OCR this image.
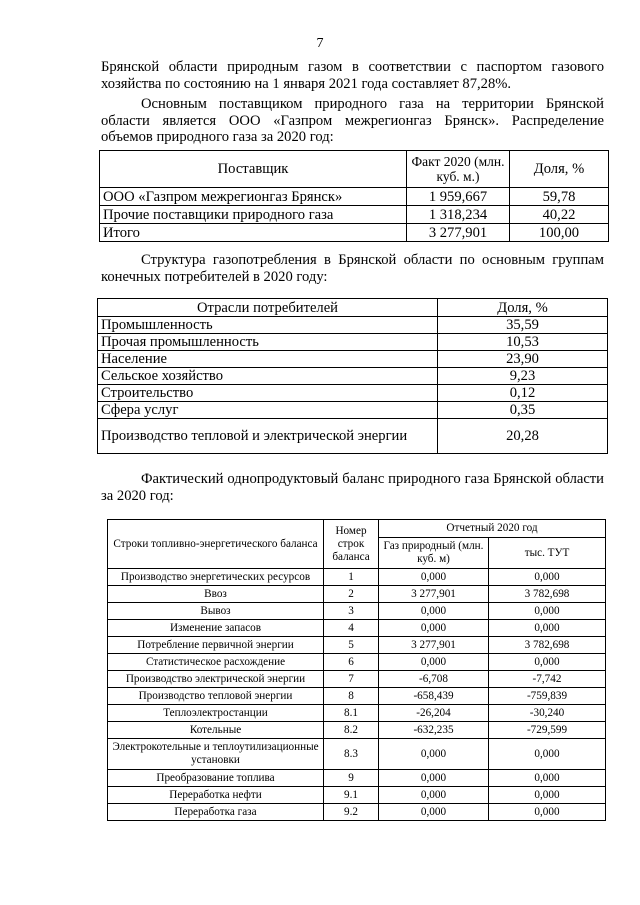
7

Брянской области природным газом в соответствии с паспортом газового хозяйства по состоянию на 1 января 2021 года составляет 87,28%.

Основным поставщиком природного газа на территории Брянской области является ООО «Газпром межрегионгаз Брянск». Распределение объемов природного газа за 2020 год:

Поставщик	Факт 2020 (млн. куб. м.)	Доля, %
ООО «Газпром межрегионгаз Брянск»	1 959,667	59,78
Прочие поставщики природного газа	1 318,234	40,22
Итого	3 277,901	100,00

Структура газопотребления в Брянской области по основным группам конечных потребителей в 2020 году:

Отрасли потребителей	Доля, %
Промышленность	35,59
Прочая промышленность	10,53
Население	23,90
Сельское хозяйство	9,23
Строительство	0,12
Сфера услуг	0,35
Производство тепловой и электрической энергии	20,28

Фактический однопродуктовый баланс природного газа Брянской области за 2020 год:

Строки топливно-энергетического баланса	Номер строк баланса	Отчетный 2020 год	
		Газ природный (млн. куб. м)	тыс. ТУТ
Производство энергетических ресурсов	1	0,000	0,000
Ввоз	2	3 277,901	3 782,698
Вывоз	3	0,000	0,000
Изменение запасов	4	0,000	0,000
Потребление первичной энергии	5	3 277,901	3 782,698
Статистическое расхождение	6	0,000	0,000
Производство электрической энергии	7	-6,708	-7,742
Производство тепловой энергии	8	-658,439	-759,839
Теплоэлектростанции	8.1	-26,204	-30,240
Котельные	8.2	-632,235	-729,599
Электрокотельные и теплоутилизационные установки	8.3	0,000	0,000
Преобразование топлива	9	0,000	0,000
Переработка нефти	9.1	0,000	0,000
Переработка газа	9.2	0,000	0,000
